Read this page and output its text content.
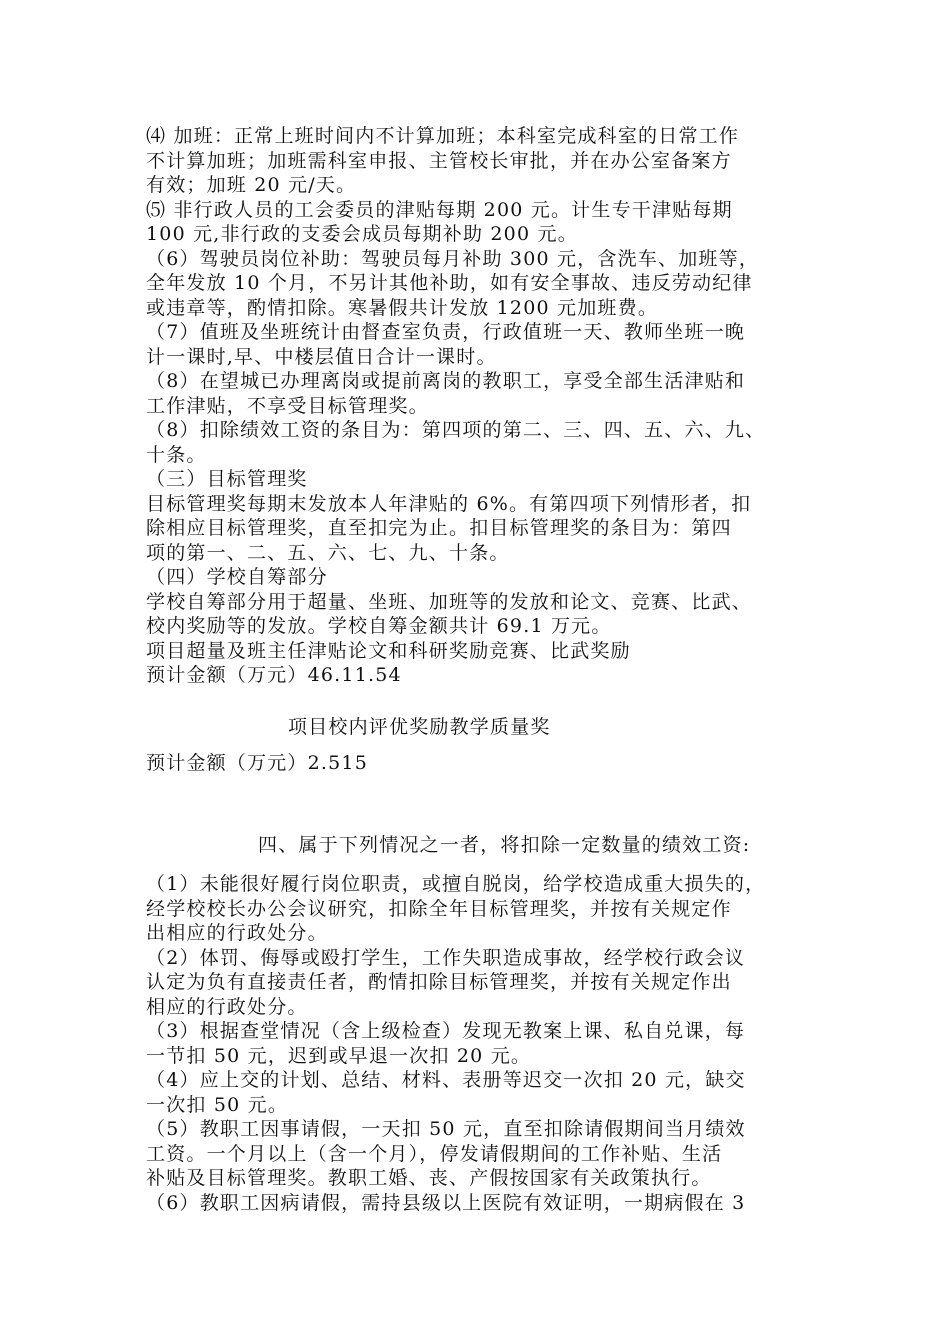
⑷ 加班：正常上班时间内不计算加班；本科室完成科室的日常工作
不计算加班；加班需科室申报、主管校长审批，并在办公室备案方
有效；加班 20 元/天。
⑸ 非行政人员的工会委员的津贴每期 200 元。计生专干津贴每期
100 元,非行政的支委会成员每期补助 200 元。
（6）驾驶员岗位补助：驾驶员每月补助 300 元，含洗车、加班等，
全年发放 10 个月，不另计其他补助，如有安全事故、违反劳动纪律
或违章等，酌情扣除。寒暑假共计发放 1200 元加班费。
（7）值班及坐班统计由督查室负责，行政值班一天、教师坐班一晚
计一课时,早、中楼层值日合计一课时。
（8）在望城已办理离岗或提前离岗的教职工，享受全部生活津贴和
工作津贴，不享受目标管理奖。
（8）扣除绩效工资的条目为：第四项的第二、三、四、五、六、九、
十条。
（三）目标管理奖
目标管理奖每期末发放本人年津贴的 6%。有第四项下列情形者，扣
除相应目标管理奖，直至扣完为止。扣目标管理奖的条目为：第四
项的第一、二、五、六、七、九、十条。
（四）学校自筹部分
学校自筹部分用于超量、坐班、加班等的发放和论文、竞赛、比武、
校内奖励等的发放。学校自筹金额共计 69.1 万元。
项目超量及班主任津贴论文和科研奖励竞赛、比武奖励
预计金额（万元）46.11.54
项目校内评优奖励教学质量奖
预计金额（万元）2.515
四、属于下列情况之一者，将扣除一定数量的绩效工资:
（1）未能很好履行岗位职责，或擅自脱岗，给学校造成重大损失的，
经学校校长办公会议研究，扣除全年目标管理奖，并按有关规定作
出相应的行政处分。
（2）体罚、侮辱或殴打学生，工作失职造成事故，经学校行政会议
认定为负有直接责任者，酌情扣除目标管理奖，并按有关规定作出
相应的行政处分。
（3）根据查堂情况（含上级检查）发现无教案上课、私自兑课，每
一节扣 50 元，迟到或早退一次扣 20 元。
（4）应上交的计划、总结、材料、表册等迟交一次扣 20 元，缺交
一次扣 50 元。
（5）教职工因事请假，一天扣 50 元，直至扣除请假期间当月绩效
工资。一个月以上（含一个月），停发请假期间的工作补贴、生活
补贴及目标管理奖。教职工婚、丧、产假按国家有关政策执行。
（6）教职工因病请假，需持县级以上医院有效证明，一期病假在 3
